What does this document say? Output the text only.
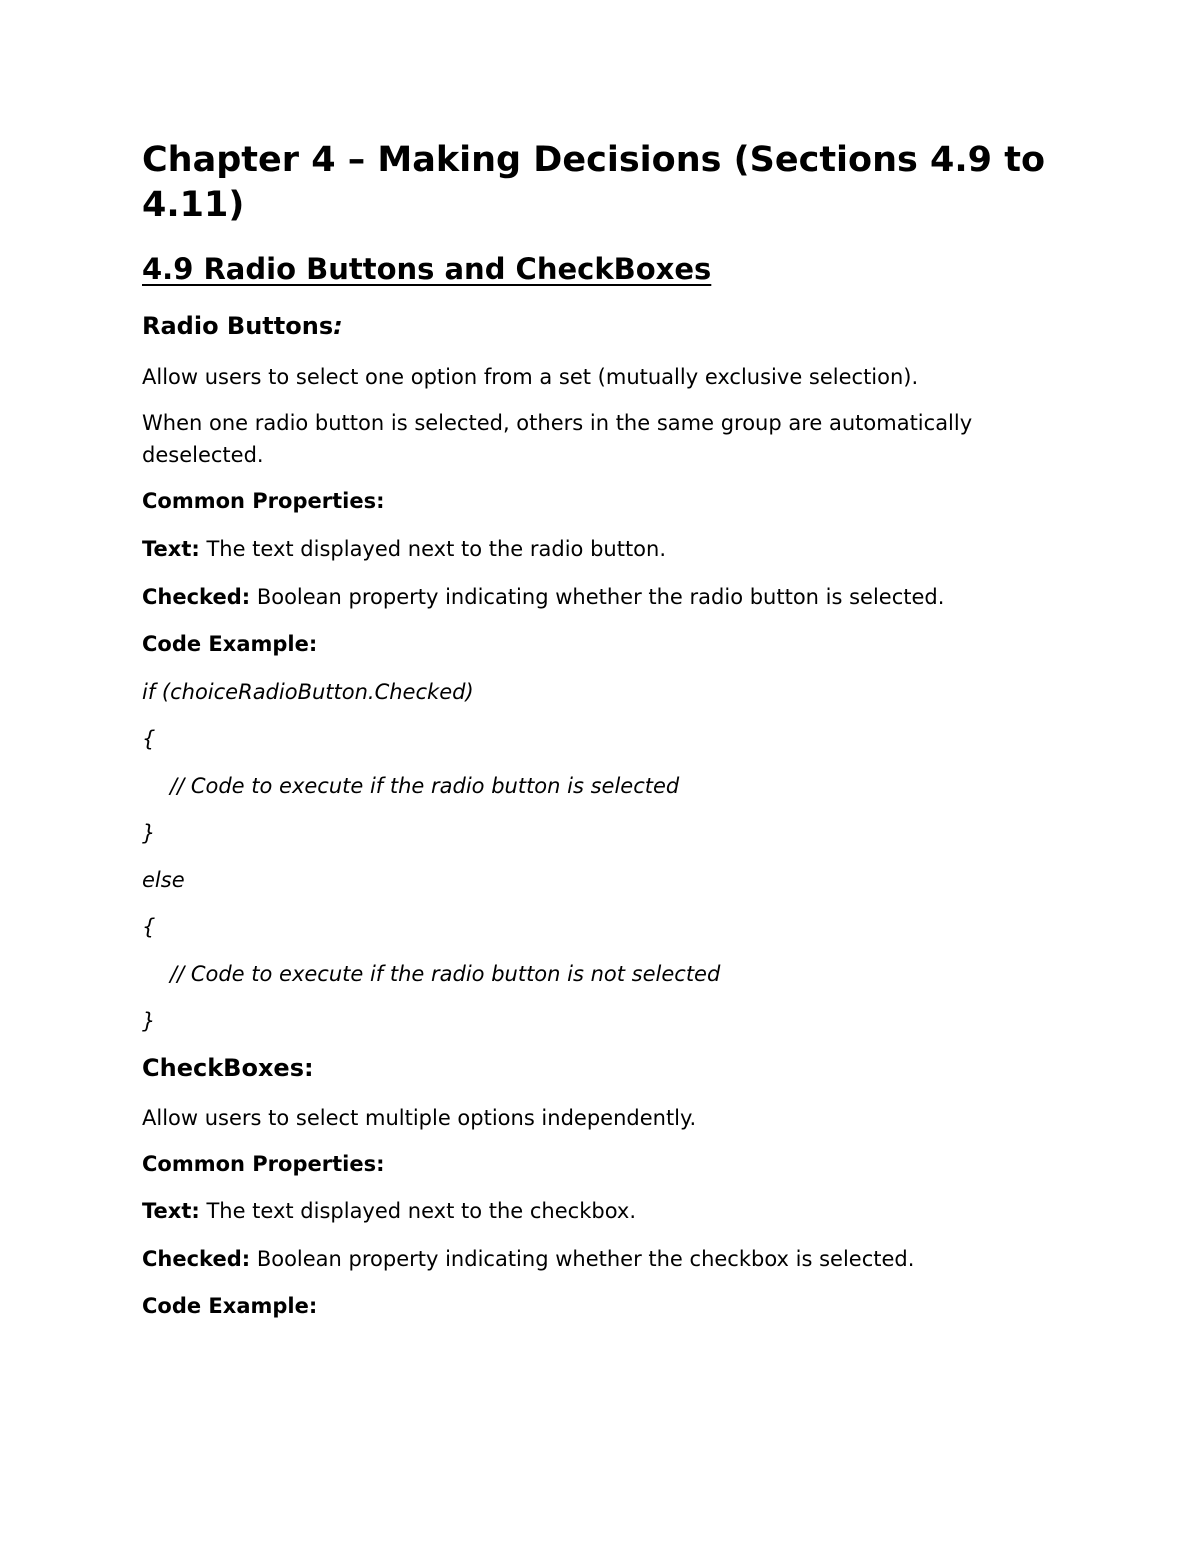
Chapter 4 – Making Decisions (Sections 4.9 to 4.11)
4.9 Radio Buttons and CheckBoxes
Radio Buttons:

Allow users to select one option from a set (mutually exclusive selection).

When one radio button is selected, others in the same group are automatically deselected.

Common Properties:

Text: The text displayed next to the radio button.

Checked: Boolean property indicating whether the radio button is selected.

Code Example:

if (choiceRadioButton.Checked)

{

// Code to execute if the radio button is selected

}

else

{

// Code to execute if the radio button is not selected

}

CheckBoxes:

Allow users to select multiple options independently.

Common Properties:

Text: The text displayed next to the checkbox.

Checked: Boolean property indicating whether the checkbox is selected.

Code Example:
